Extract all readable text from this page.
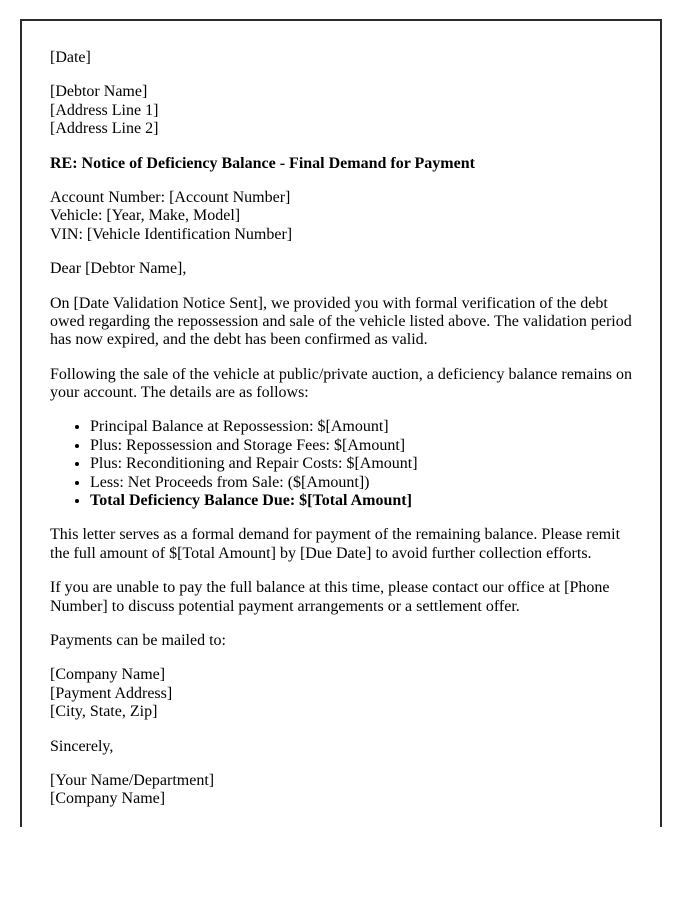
[Date]

[Debtor Name]
[Address Line 1]
[Address Line 2]

RE: Notice of Deficiency Balance - Final Demand for Payment

Account Number: [Account Number]
Vehicle: [Year, Make, Model]
VIN: [Vehicle Identification Number]

Dear [Debtor Name],

On [Date Validation Notice Sent], we provided you with formal verification of the debt owed regarding the repossession and sale of the vehicle listed above. The validation period has now expired, and the debt has been confirmed as valid.

Following the sale of the vehicle at public/private auction, a deficiency balance remains on your account. The details are as follows:

• Principal Balance at Repossession: $[Amount]
• Plus: Repossession and Storage Fees: $[Amount]
• Plus: Reconditioning and Repair Costs: $[Amount]
• Less: Net Proceeds from Sale: ($[Amount])
• Total Deficiency Balance Due: $[Total Amount]

This letter serves as a formal demand for payment of the remaining balance. Please remit the full amount of $[Total Amount] by [Due Date] to avoid further collection efforts.

If you are unable to pay the full balance at this time, please contact our office at [Phone Number] to discuss potential payment arrangements or a settlement offer.

Payments can be mailed to:

[Company Name]
[Payment Address]
[City, State, Zip]

Sincerely,

[Your Name/Department]
[Company Name]
